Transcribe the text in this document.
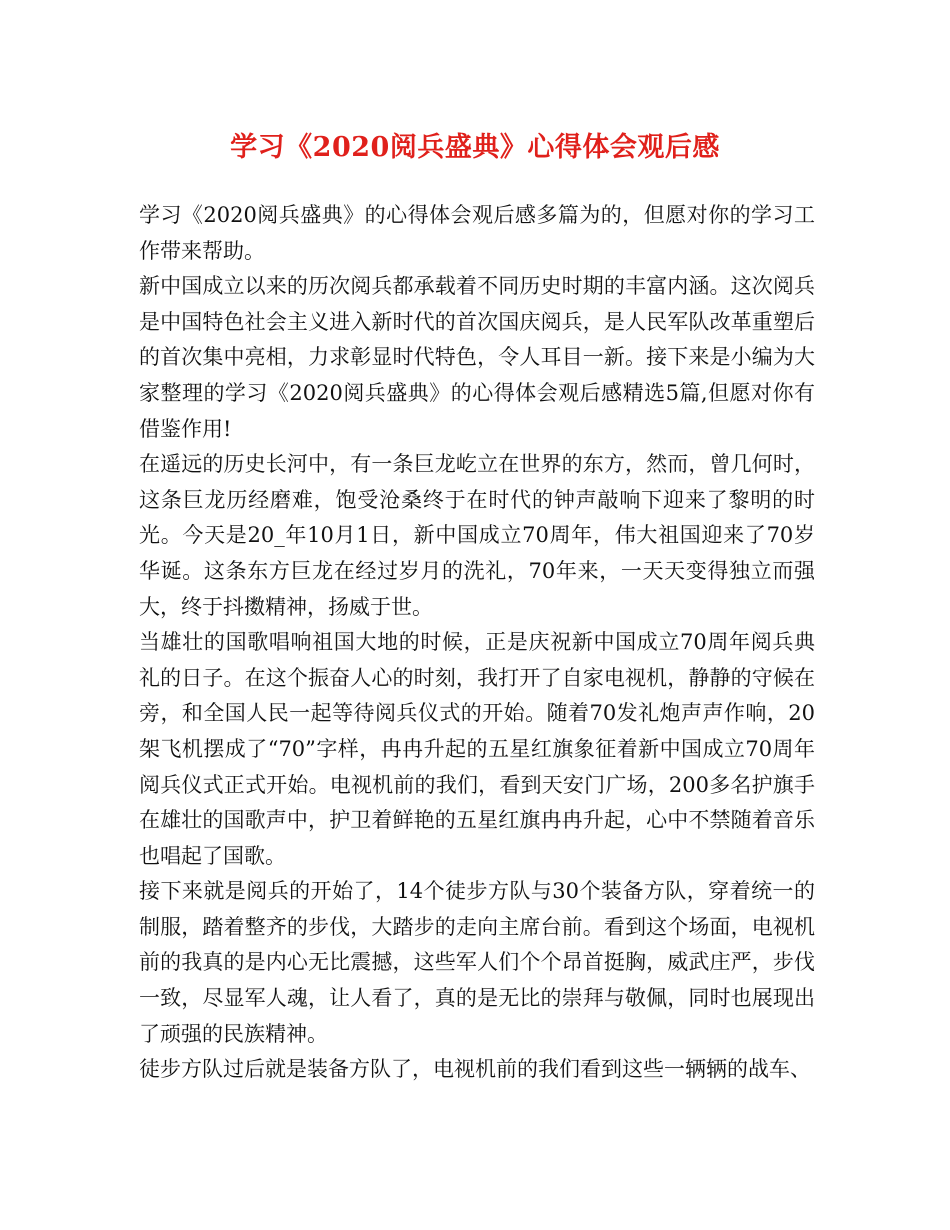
学习《2020阅兵盛典》心得体会观后感

学习《2020阅兵盛典》的心得体会观后感多篇为的，但愿对你的学习工作带来帮助。

新中国成立以来的历次阅兵都承载着不同历史时期的丰富内涵。这次阅兵是中国特色社会主义进入新时代的首次国庆阅兵，是人民军队改革重塑后的首次集中亮相，力求彰显时代特色，令人耳目一新。接下来是小编为大家整理的学习《2020阅兵盛典》的心得体会观后感精选5篇,但愿对你有借鉴作用!

在遥远的历史长河中，有一条巨龙屹立在世界的东方，然而，曾几何时，这条巨龙历经磨难，饱受沧桑终于在时代的钟声敲响下迎来了黎明的时光。今天是20_年10月1日，新中国成立70周年，伟大祖国迎来了70岁华诞。这条东方巨龙在经过岁月的洗礼，70年来，一天天变得独立而强大，终于抖擞精神，扬威于世。

当雄壮的国歌唱响祖国大地的时候，正是庆祝新中国成立70周年阅兵典礼的日子。在这个振奋人心的时刻，我打开了自家电视机，静静的守候在旁，和全国人民一起等待阅兵仪式的开始。随着70发礼炮声声作响，20架飞机摆成了“70”字样，冉冉升起的五星红旗象征着新中国成立70周年阅兵仪式正式开始。电视机前的我们，看到天安门广场，200多名护旗手在雄壮的国歌声中，护卫着鲜艳的五星红旗冉冉升起，心中不禁随着音乐也唱起了国歌。

接下来就是阅兵的开始了，14个徒步方队与30个装备方队，穿着统一的制服，踏着整齐的步伐，大踏步的走向主席台前。看到这个场面，电视机前的我真的是内心无比震撼，这些军人们个个昂首挺胸，威武庄严，步伐一致，尽显军人魂，让人看了，真的是无比的崇拜与敬佩，同时也展现出了顽强的民族精神。

徒步方队过后就是装备方队了，电视机前的我们看到这些一辆辆的战车、
